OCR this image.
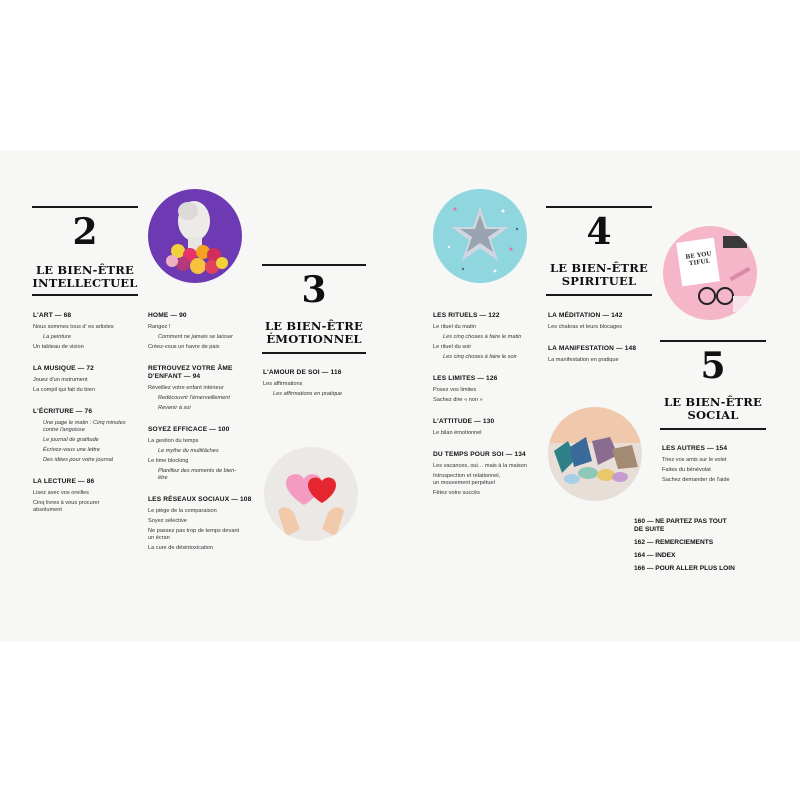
2
LE BIEN-ÊTRE
INTELLECTUEL	3
LE BIEN-ÊTRE
ÉMOTIONNEL
4
LE BIEN-ÊTRE
SPIRITUEL
5
LE BIEN-ÊTRE
SOCIAL
L'ART — 68
Nous sommes tous d' es artistes
La peinture
Un tableau de vision
LA MUSIQUE — 72
Jouez d'un instrument
La compil qui fait du bien
L'ÉCRITURE — 76
Une page le matin : Cinq minutes
contre l'angoisse
Le journal de gratitude
Écrivez-vous une lettre
Des idées pour votre journal
LA LECTURE — 86
Lisez avec vos oreilles
Cinq livres à vous procurer
absolument
HOME — 90
Rangez !
Comment ne jamais se laisser
Créez-vous un havre de paix
RETROUVEZ VOTRE ÂME
D'ENFANT — 94
Réveillez votre enfant intérieur
Redécouvrir l'émerveillement
Revenir à soi
SOYEZ EFFICACE — 100
La gestion du temps
Le mythe du multitâches
Le time blocking
Planifiez des moments de bien-
être
LES RÉSEAUX SOCIAUX — 108
Le piège de la comparaison
Soyez sélective
Ne passez pas trop de temps devant
un écran
La cure de désintoxication
L'AMOUR DE SOI — 116
Les affirmations
Les affirmations en pratique
LES RITUELS — 122
Le rituel du matin
Les cinq choses à faire le matin
Le rituel du soir
Les cinq choses à faire le soir
LES LIMITES — 126
Posez vos limites
Sachez dire « non »
L'ATTITUDE — 130
Le bilan émotionnel
DU TEMPS POUR SOI — 134
Les vacances, oui… mais à la maison
Introspection et relationnel,
un mouvement perpétuel
Fêtez votre succès
LA MÉDITATION — 142
Les chakras et leurs blocages
LA MANIFESTATION — 148
La manifestation en pratique
LES AUTRES — 154
Triez vos amis sur le volet
Faites du bénévolat
Sachez demander de l'aide
160 — NE PARTEZ PAS TOUT
DE SUITE
162 — REMERCIEMENTS
164 — INDEX
166 — POUR ALLER PLUS LOIN
BE YOU TIFUL
